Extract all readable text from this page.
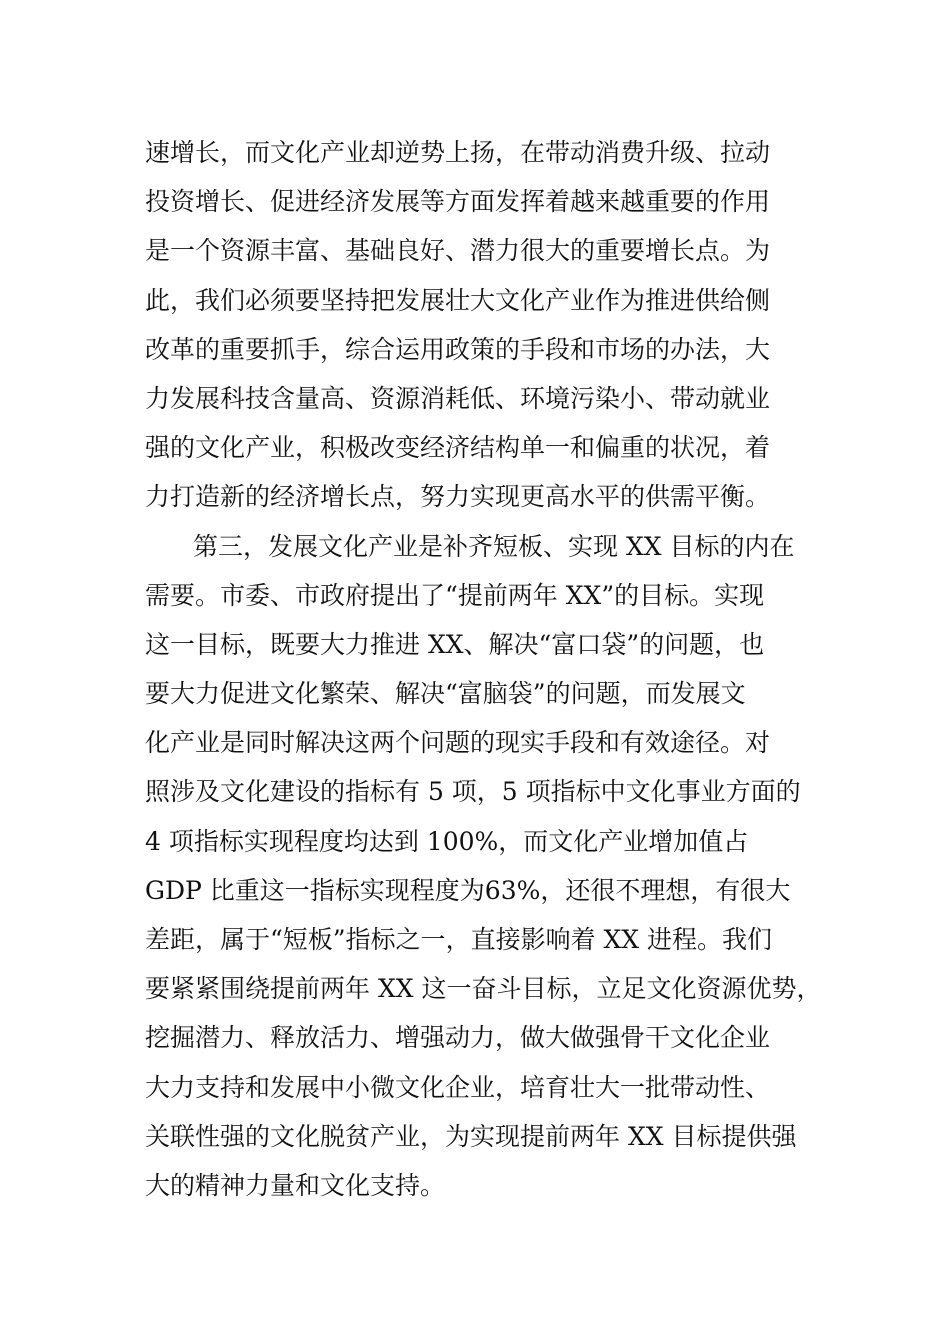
速增长，而文化产业却逆势上扬，在带动消费升级、拉动
投资增长、促进经济发展等方面发挥着越来越重要的作用
是一个资源丰富、基础良好、潜力很大的重要增长点。为
此，我们必须要坚持把发展壮大文化产业作为推进供给侧
改革的重要抓手，综合运用政策的手段和市场的办法，大
力发展科技含量高、资源消耗低、环境污染小、带动就业
强的文化产业，积极改变经济结构单一和偏重的状况，着
力打造新的经济增长点，努力实现更高水平的供需平衡。
第三，发展文化产业是补齐短板、实现 XX 目标的内在
需要。市委、市政府提出了“提前两年 XX”的目标。实现
这一目标，既要大力推进 XX、解决“富口袋”的问题，也
要大力促进文化繁荣、解决“富脑袋”的问题，而发展文
化产业是同时解决这两个问题的现实手段和有效途径。对
照涉及文化建设的指标有 5 项，5 项指标中文化事业方面的
4 项指标实现程度均达到 100%，而文化产业增加值占
GDP 比重这一指标实现程度为63%，还很不理想，有很大
差距，属于“短板”指标之一，直接影响着 XX 进程。我们
要紧紧围绕提前两年 XX 这一奋斗目标，立足文化资源优势，
挖掘潜力、释放活力、增强动力，做大做强骨干文化企业
大力支持和发展中小微文化企业，培育壮大一批带动性、
关联性强的文化脱贫产业，为实现提前两年 XX 目标提供强
大的精神力量和文化支持。
